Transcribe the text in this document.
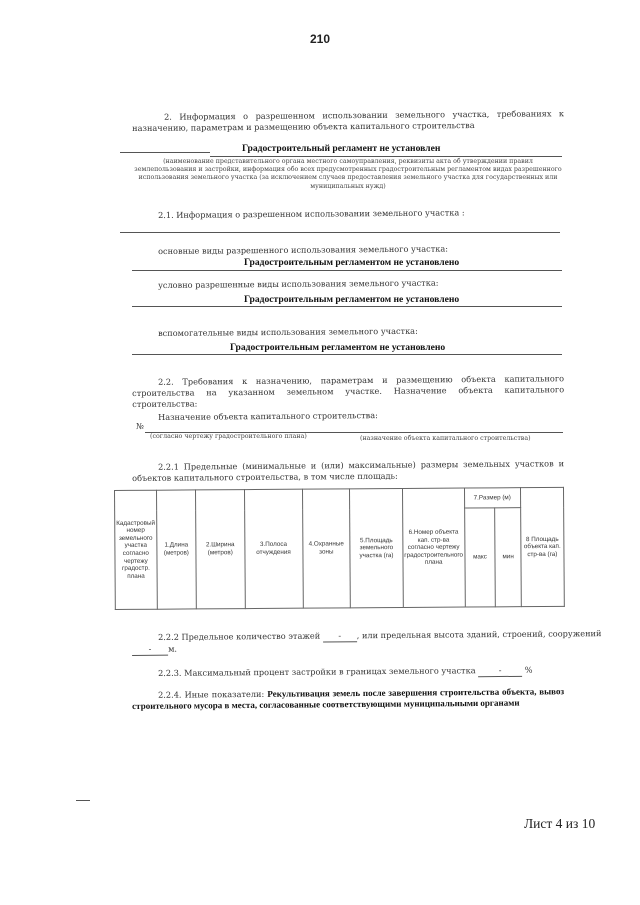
210
2. Информация о разрешенном использовании земельного участка, требованиях к назначению, параметрам и размещению объекта капитального строительства
Градостроительный регламент не установлен
(наименование представительного органа местного самоуправления, реквизиты акта об утверждении правил землепользования и застройки, информация обо всех предусмотренных градостроительным регламентом видах разрешенного использования земельного участка (за исключением случаев предоставления земельного участка для государственных или муниципальных нужд)
2.1. Информация о разрешенном использовании земельного участка :
основные виды разрешенного использования земельного участка:
Градостроительным регламентом не установлено
условно разрешенные виды использования земельного участка:
Градостроительным регламентом не установлено
вспомогательные виды использования земельного участка:
Градостроительным регламентом не установлено
2.2. Требования к назначению, параметрам и размещению объекта капитального строительства на указанном земельном участке. Назначение объекта капитального строительства:
Назначение объекта капитального строительства:
№
(согласно чертежу градостроительного плана)	(назначение объекта капитального строительства)
2.2.1 Предельные (минимальные и (или) максимальные) размеры земельных участков и объектов капитального строительства, в том числе площадь:
Кадастровый номер земельного участка согласно чертежу градостр. плана	1.Длина (метров)	2.Ширина (метров)	3.Полоса отчуждения	4.Охранные зоны	5.Площадь земельного участка (га)	6.Номер объекта кап. стр-ва согласно чертежу градостроительного плана	7.Размер (м)		8 Площадь объекта кап. стр-ва (га)
							макс	мин	
2.2.2 Предельное количество этажей - , или предельная высота зданий, строений, сооружений
- м.
2.2.3. Максимальный процент застройки в границах земельного участка	-	%
2.2.4. Иные показатели: Рекультивация земель после завершения строительства объекта, вывоз строительного мусора в места, согласованные соответствующими муниципальными органами
Лист 4 из 10
